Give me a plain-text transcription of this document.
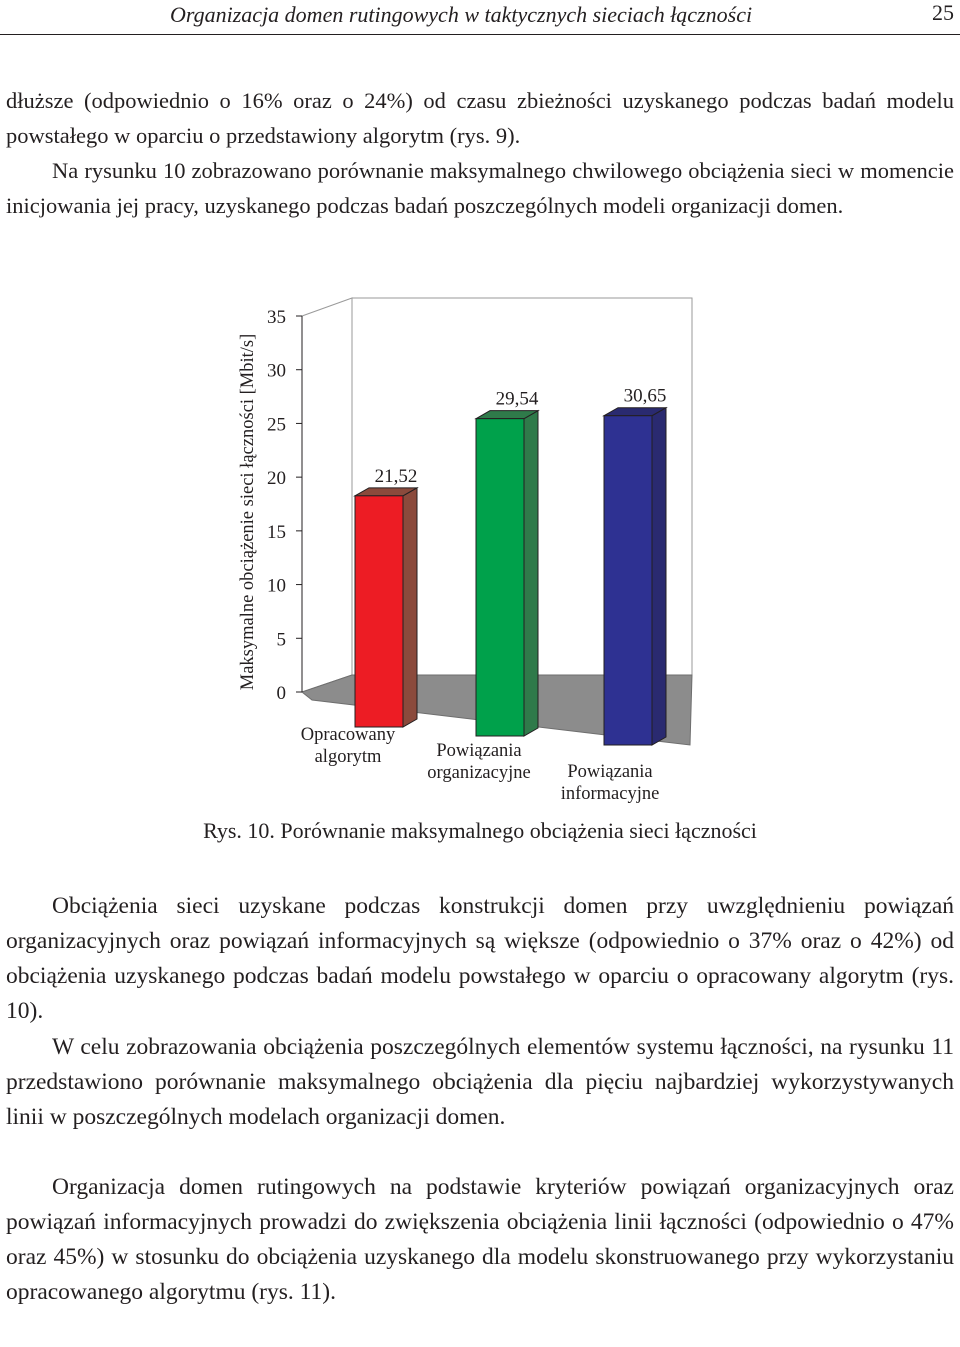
Organizacja domen rutingowych w taktycznych sieciach łączności	25
dłuższe (odpowiednio o 16% oraz o 24%) od czasu zbieżności uzyskanego podczas badań modelu powstałego w oparciu o przedstawiony algorytm (rys. 9).
Na rysunku 10 zobrazowano porównanie maksymalnego chwilowego obciążenia sieci w momencie inicjowania jej pracy, uzyskanego podczas badań poszczególnych modeli organizacji domen.
0
5
10
15
20
25
30
35
Maksymalne obciążenie sieci łączności [Mbit/s]	21,52
Opracowany
algorytm
29,54
Powiązania
organizacyjne
30,65
Powiązania
informacyjne
Rys. 10. Porównanie maksymalnego obciążenia sieci łączności

Obciążenia sieci uzyskane podczas konstrukcji domen przy uwzględnieniu powiązań organizacyjnych oraz powiązań informacyjnych są większe (odpowiednio o 37% oraz o 42%) od obciążenia uzyskanego podczas badań modelu powstałego w oparciu o opracowany algorytm (rys. 10).

W celu zobrazowania obciążenia poszczególnych elementów systemu łączności, na rysunku 11 przedstawiono porównanie maksymalnego obciążenia dla pięciu najbardziej wykorzystywanych linii w poszczególnych modelach organizacji domen.

Organizacja domen rutingowych na podstawie kryteriów powiązań organizacyjnych oraz powiązań informacyjnych prowadzi do zwiększenia obciążenia linii łączności (odpowiednio o 47% oraz 45%) w stosunku do obciążenia uzyskanego dla modelu skonstruowanego przy wykorzystaniu opracowanego algorytmu (rys. 11).
